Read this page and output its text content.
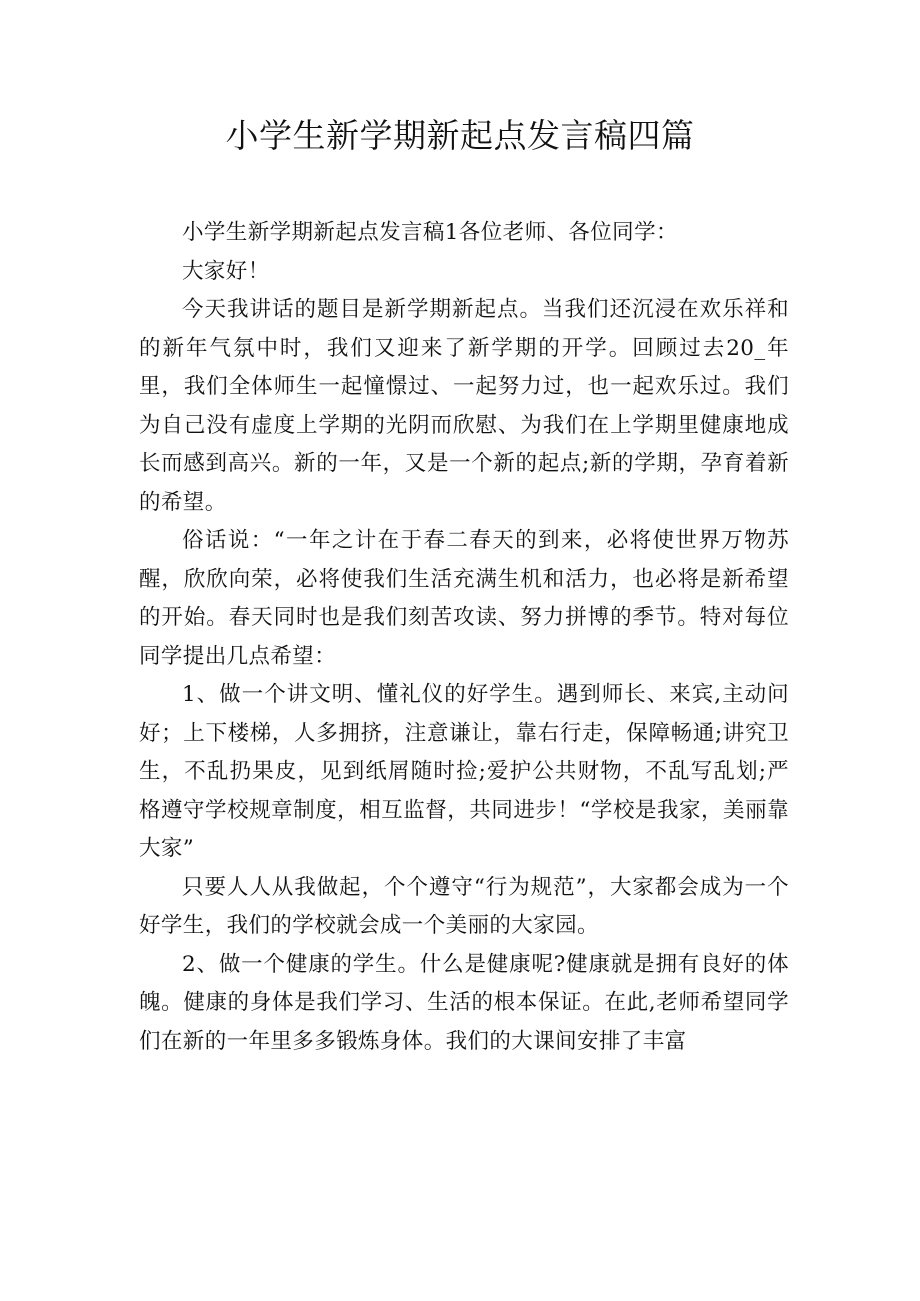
小学生新学期新起点发言稿四篇

小学生新学期新起点发言稿1各位老师、各位同学：

大家好！

今天我讲话的题目是新学期新起点。当我们还沉浸在欢乐祥和的新年气氛中时，我们又迎来了新学期的开学。回顾过去20_年里，我们全体师生一起憧憬过、一起努力过，也一起欢乐过。我们为自己没有虚度上学期的光阴而欣慰、为我们在上学期里健康地成长而感到高兴。新的一年，又是一个新的起点;新的学期，孕育着新的希望。

俗话说：“一年之计在于春二春天的到来，必将使世界万物苏醒，欣欣向荣，必将使我们生活充满生机和活力，也必将是新希望的开始。春天同时也是我们刻苦攻读、努力拼博的季节。特对每位同学提出几点希望：

1、做一个讲文明、懂礼仪的好学生。遇到师长、来宾,主动问好；上下楼梯，人多拥挤，注意谦让，靠右行走，保障畅通;讲究卫生，不乱扔果皮，见到纸屑随时捡;爱护公共财物，不乱写乱划;严格遵守学校规章制度，相互监督，共同进步！“学校是我家，美丽靠大家”

只要人人从我做起，个个遵守“行为规范”，大家都会成为一个好学生，我们的学校就会成一个美丽的大家园。

2、做一个健康的学生。什么是健康呢?健康就是拥有良好的体魄。健康的身体是我们学习、生活的根本保证。在此,老师希望同学们在新的一年里多多锻炼身体。我们的大课间安排了丰富
